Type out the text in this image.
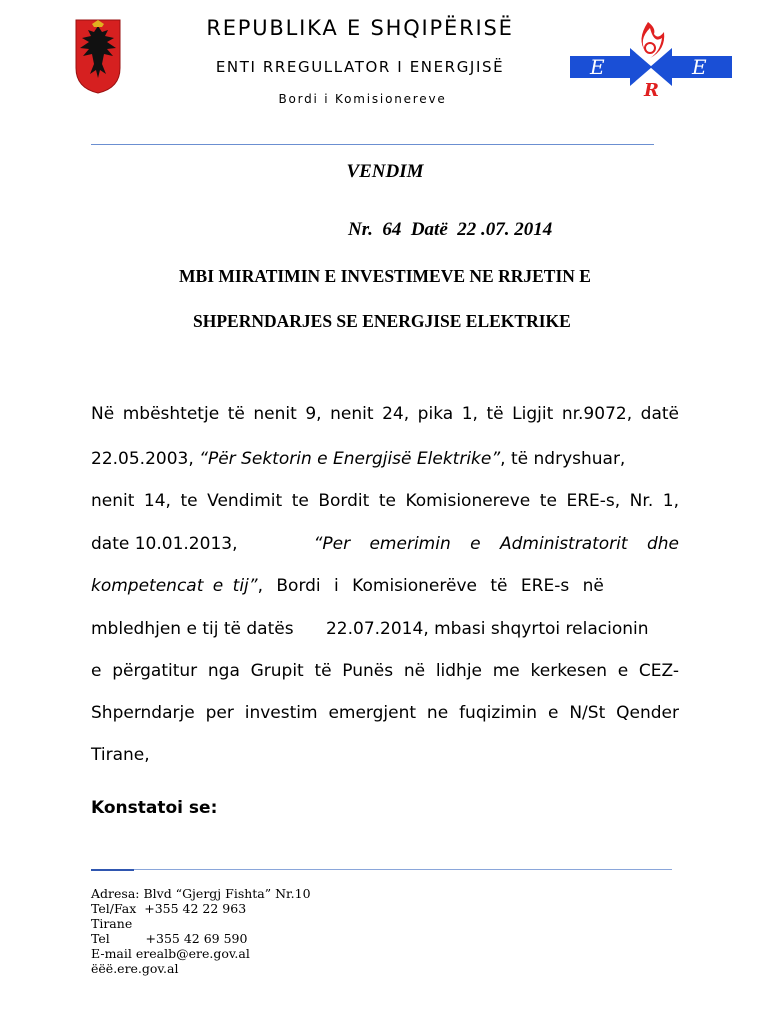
REPUBLIKA E SHQIPËRISË
ENTI RREGULLATOR I ENERGJISË
Bordi i Komisionereve
E
R
E
VENDIM
Nr.  64  Datë  22 .07. 2014
MBI MIRATIMIN E INVESTIMEVE NE RRJETIN E
SHPERNDARJES SE ENERGJISE ELEKTRIKE
Në mbështetje të nenit 9, nenit 24, pika 1, të Ligjit nr.9072, datë
22.05.2003, “Për Sektorin e Energjisë Elektrike”, të ndryshuar,
nenit 14, te Vendimit te Bordit te Komisionereve te ERE-s, Nr. 1,
date 10.01.2013,	“Per emerimin e Administratorit dhe
kompetencat e tij”, Bordi i Komisionerëve të ERE-s në
mbledhjen e tij të datës      22.07.2014, mbasi shqyrtoi relacionin
e përgatitur nga Grupit të Punës në lidhje me kerkesen e CEZ-
Shperndarje per investim emergjent ne fuqizimin e N/St Qender
Tirane,
Konstatoi se:
Adresa: Blvd “Gjergj Fishta” Nr.10
Tel/Fax  +355 42 22 963
Tirane
Tel         +355 42 69 590
E-mail erealb@ere.gov.al
ëëë.ere.gov.al
